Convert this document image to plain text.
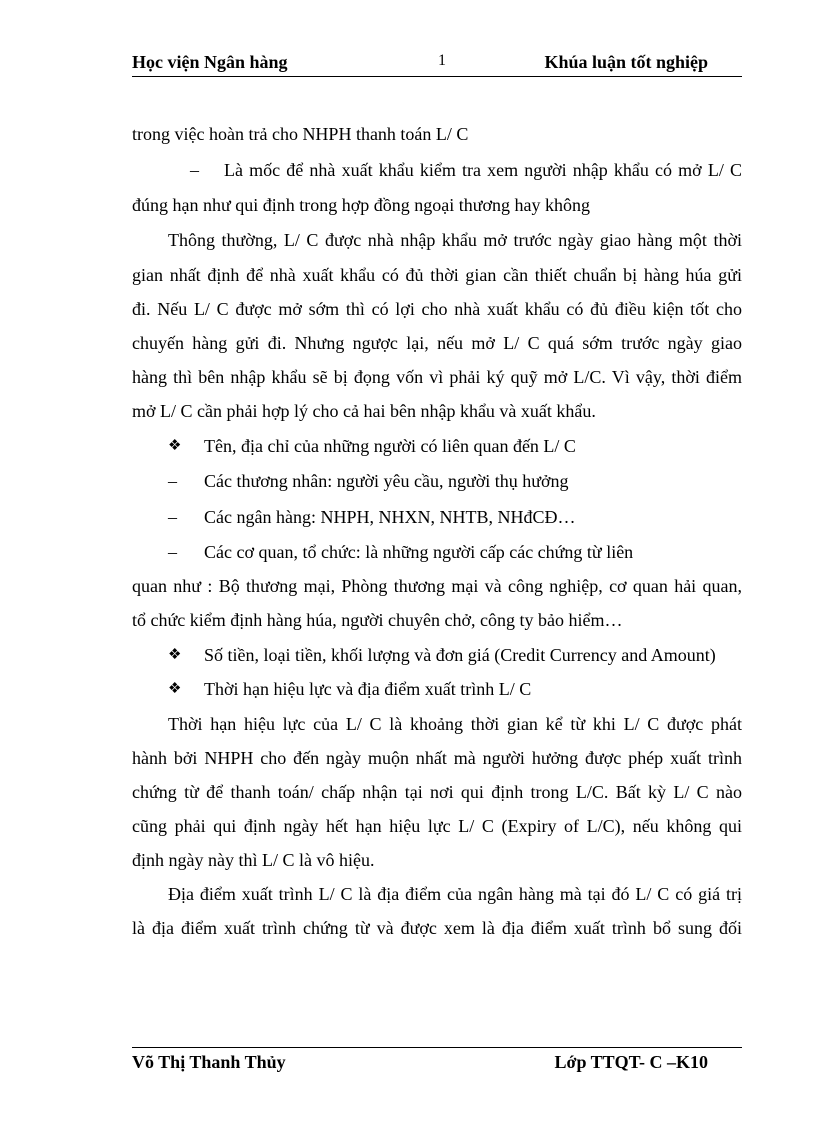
Học viện Ngân hàng	1	Khúa luận tốt nghiệp
trong việc hoàn trả cho NHPH thanh toán L/ C
– Là mốc để nhà xuất khẩu kiểm tra xem người nhập khẩu có mở L/ C
đúng hạn như qui định trong hợp đồng ngoại thương hay không
Thông thường, L/ C được nhà nhập khẩu mở trước ngày giao hàng một thời
gian nhất định để nhà xuất khẩu có đủ thời gian cần thiết chuẩn bị hàng húa gửi
đi. Nếu L/ C được mở sớm thì có lợi cho nhà xuất khẩu có đủ điều kiện tốt cho
chuyến hàng gửi đi. Nhưng ngược lại, nếu mở L/ C quá sớm trước ngày giao
hàng thì bên nhập khẩu sẽ bị đọng vốn vì phải ký quỹ mở L/C. Vì vậy, thời điểm
mở L/ C cần phải hợp lý cho cả hai bên nhập khẩu và xuất khẩu.
❖ Tên, địa chỉ của những người có liên quan đến L/ C
– Các thương nhân: người yêu cầu, người thụ hưởng
– Các ngân hàng: NHPH, NHXN, NHTB, NHđCĐ…
– Các cơ quan, tổ chức: là những người cấp các chứng từ liên
quan như : Bộ thương mại, Phòng thương mại và công nghiệp, cơ quan hải quan,
tổ chức kiểm định hàng húa, người chuyên chở, công ty bảo hiểm…
❖ Số tiền, loại tiền, khối lượng và đơn giá (Credit Currency and Amount)
❖ Thời hạn hiệu lực và địa điểm xuất trình L/ C
Thời hạn hiệu lực của L/ C là khoảng thời gian kể từ khi L/ C được phát
hành bởi NHPH cho đến ngày muộn nhất mà người hưởng được phép xuất trình
chứng từ để thanh toán/ chấp nhận tại nơi qui định trong L/C. Bất kỳ L/ C nào
cũng phải qui định ngày hết hạn hiệu lực L/ C (Expiry of L/C), nếu không qui
định ngày này thì L/ C là vô hiệu.
Địa điểm xuất trình L/ C là địa điểm của ngân hàng mà tại đó L/ C có giá trị
là địa điểm xuất trình chứng từ và được xem là địa điểm xuất trình bổ sung đối
Võ Thị Thanh Thủy	Lớp TTQT- C –K10
